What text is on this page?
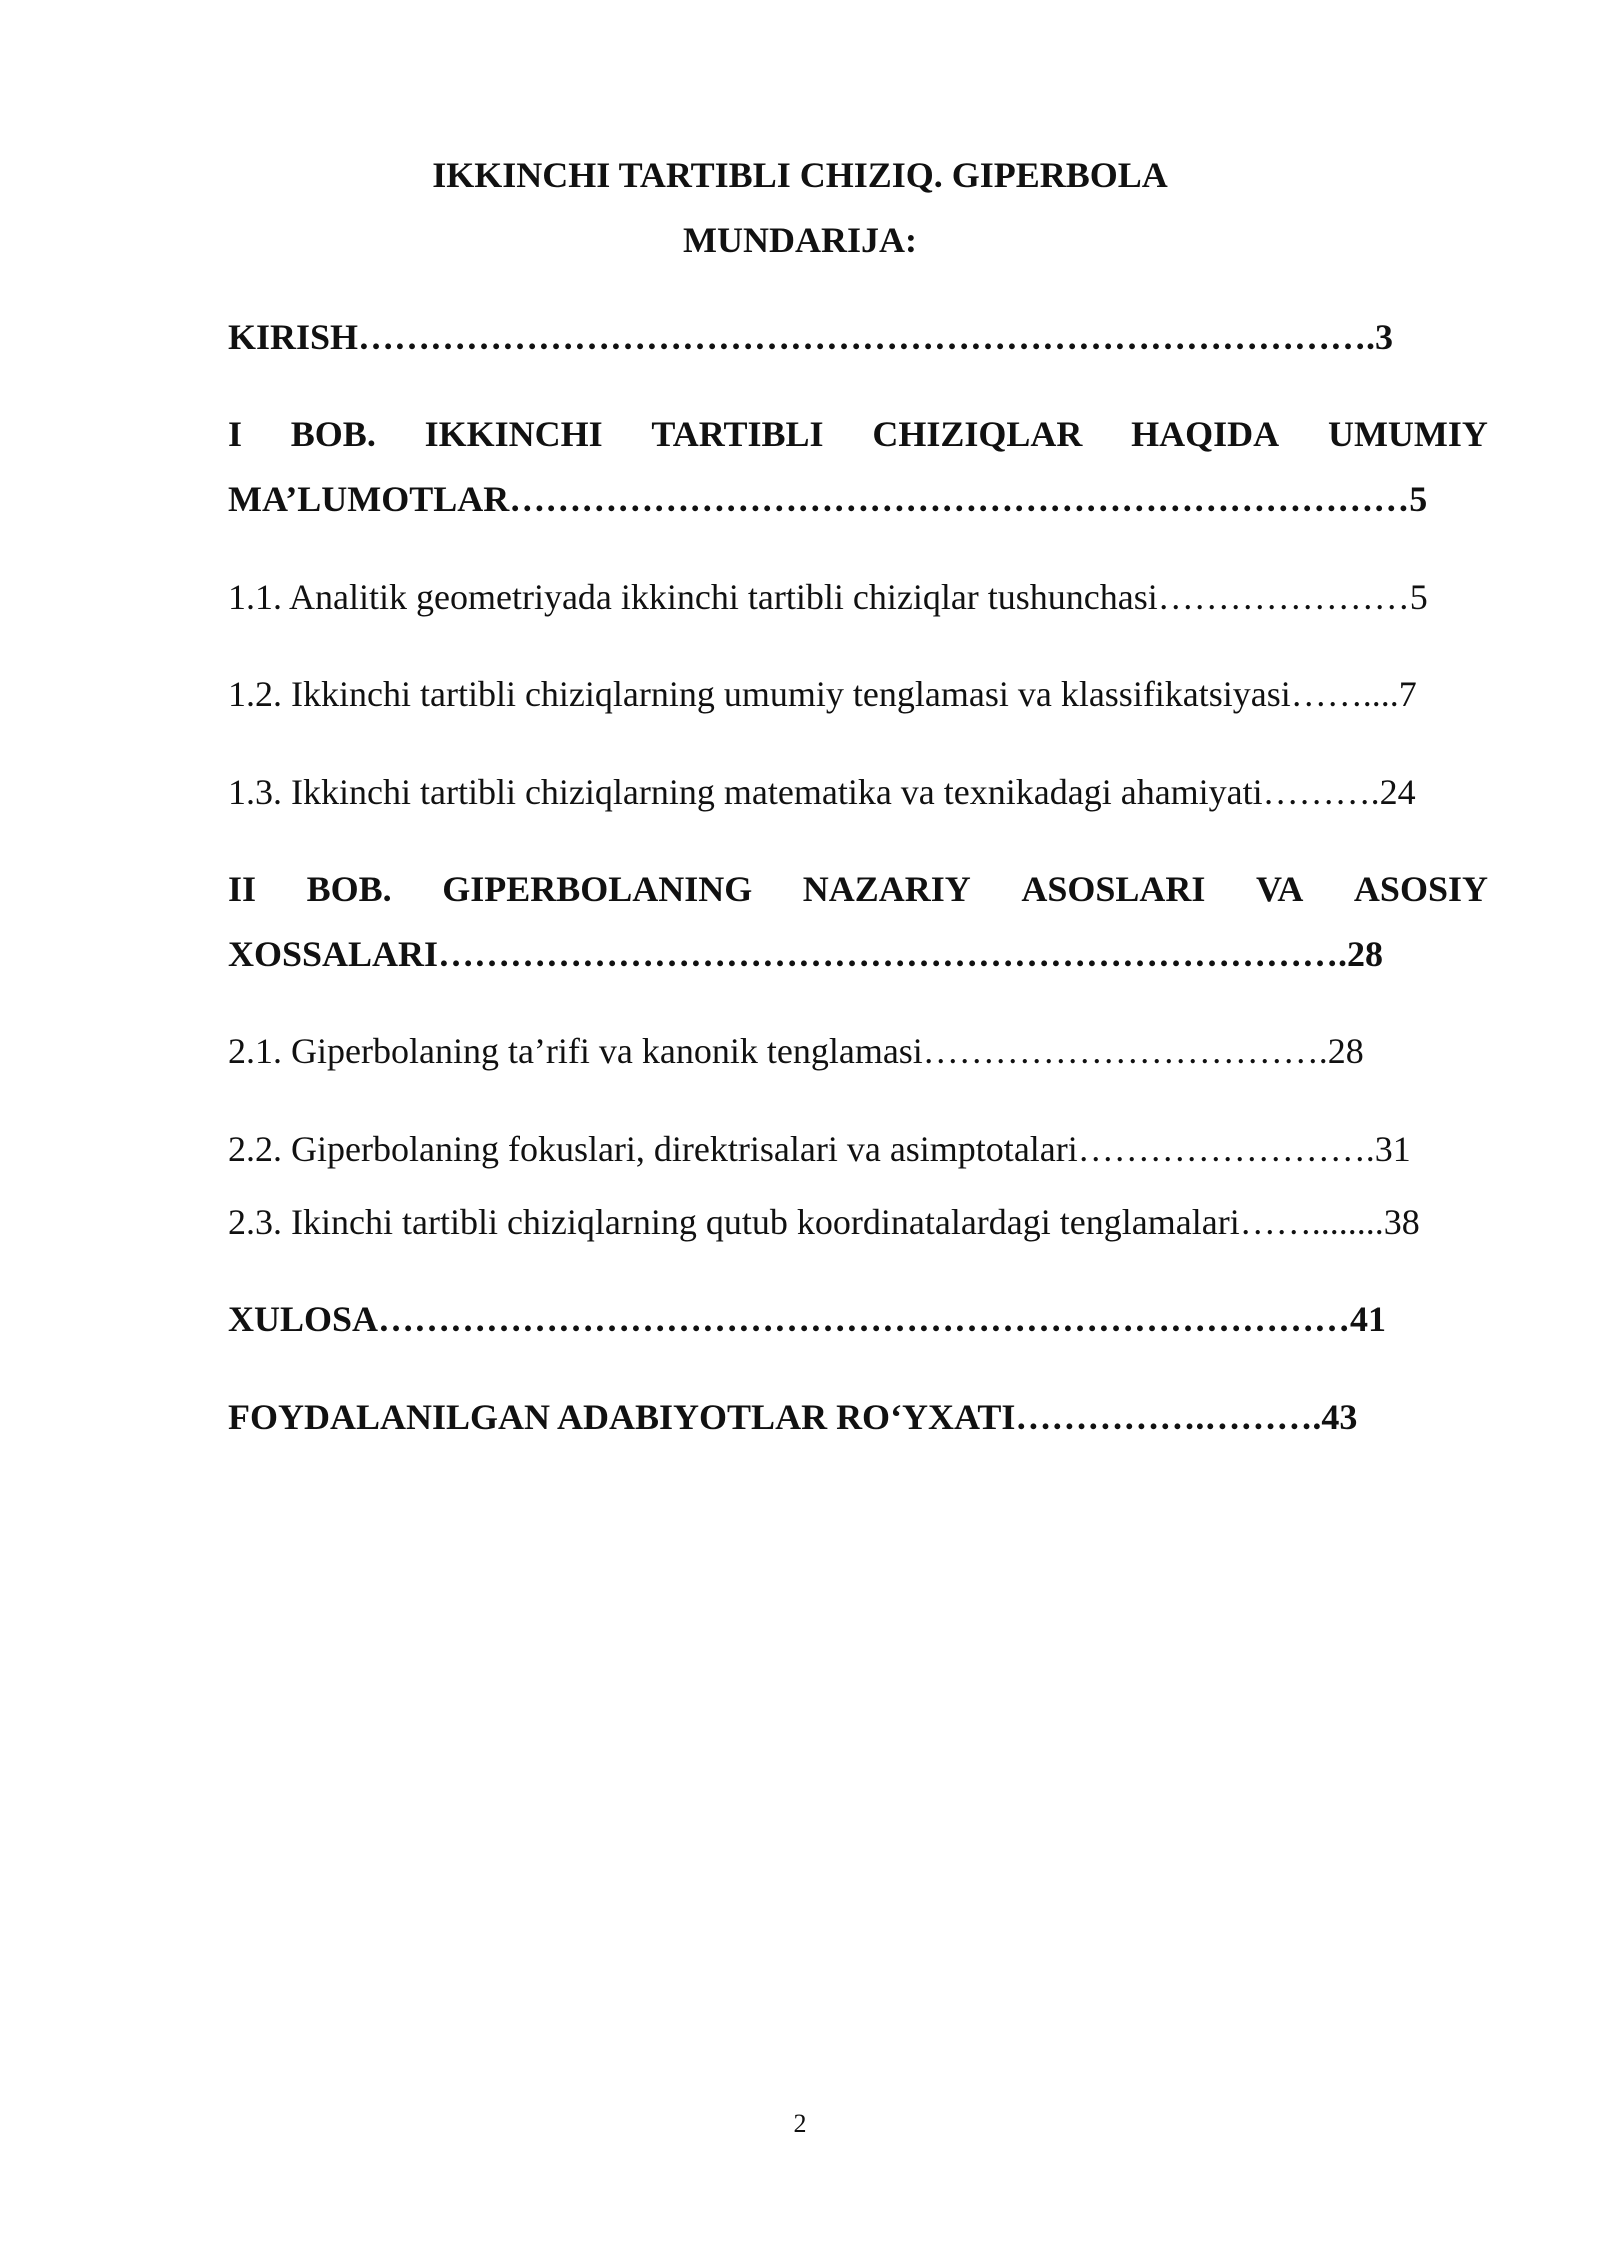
IKKINCHI TARTIBLI CHIZIQ. GIPERBOLA
MUNDARIJA:

KIRISH………………………………………………………………………….3

I BOB. IKKINCHI TARTIBLI CHIZIQLAR HAQIDA UMUMIY

MA’LUMOTLAR…………………………………………………………………5

1.1. Analitik geometriyada ikkinchi tartibli chiziqlar tushunchasi…………………5

1.2. Ikkinchi tartibli chiziqlarning umumiy tenglamasi va klassifikatsiyasi……....7

1.3. Ikkinchi tartibli chiziqlarning matematika va texnikadagi ahamiyati……….24

II BOB. GIPERBOLANING NAZARIY ASOSLARI VA ASOSIY

XOSSALARI………………………………………………………………….28

2.1. Giperbolaning ta’rifi va kanonik tenglamasi…………………………….28

2.2. Giperbolaning fokuslari, direktrisalari va asimptotalari…………………….31

2.3. Ikinchi tartibli chiziqlarning qutub koordinatalardagi tenglamalari……........38

XULOSA………………………………………………………………………41

FOYDALANILGAN ADABIYOTLAR RO‘YXATI…………….……….43

2
